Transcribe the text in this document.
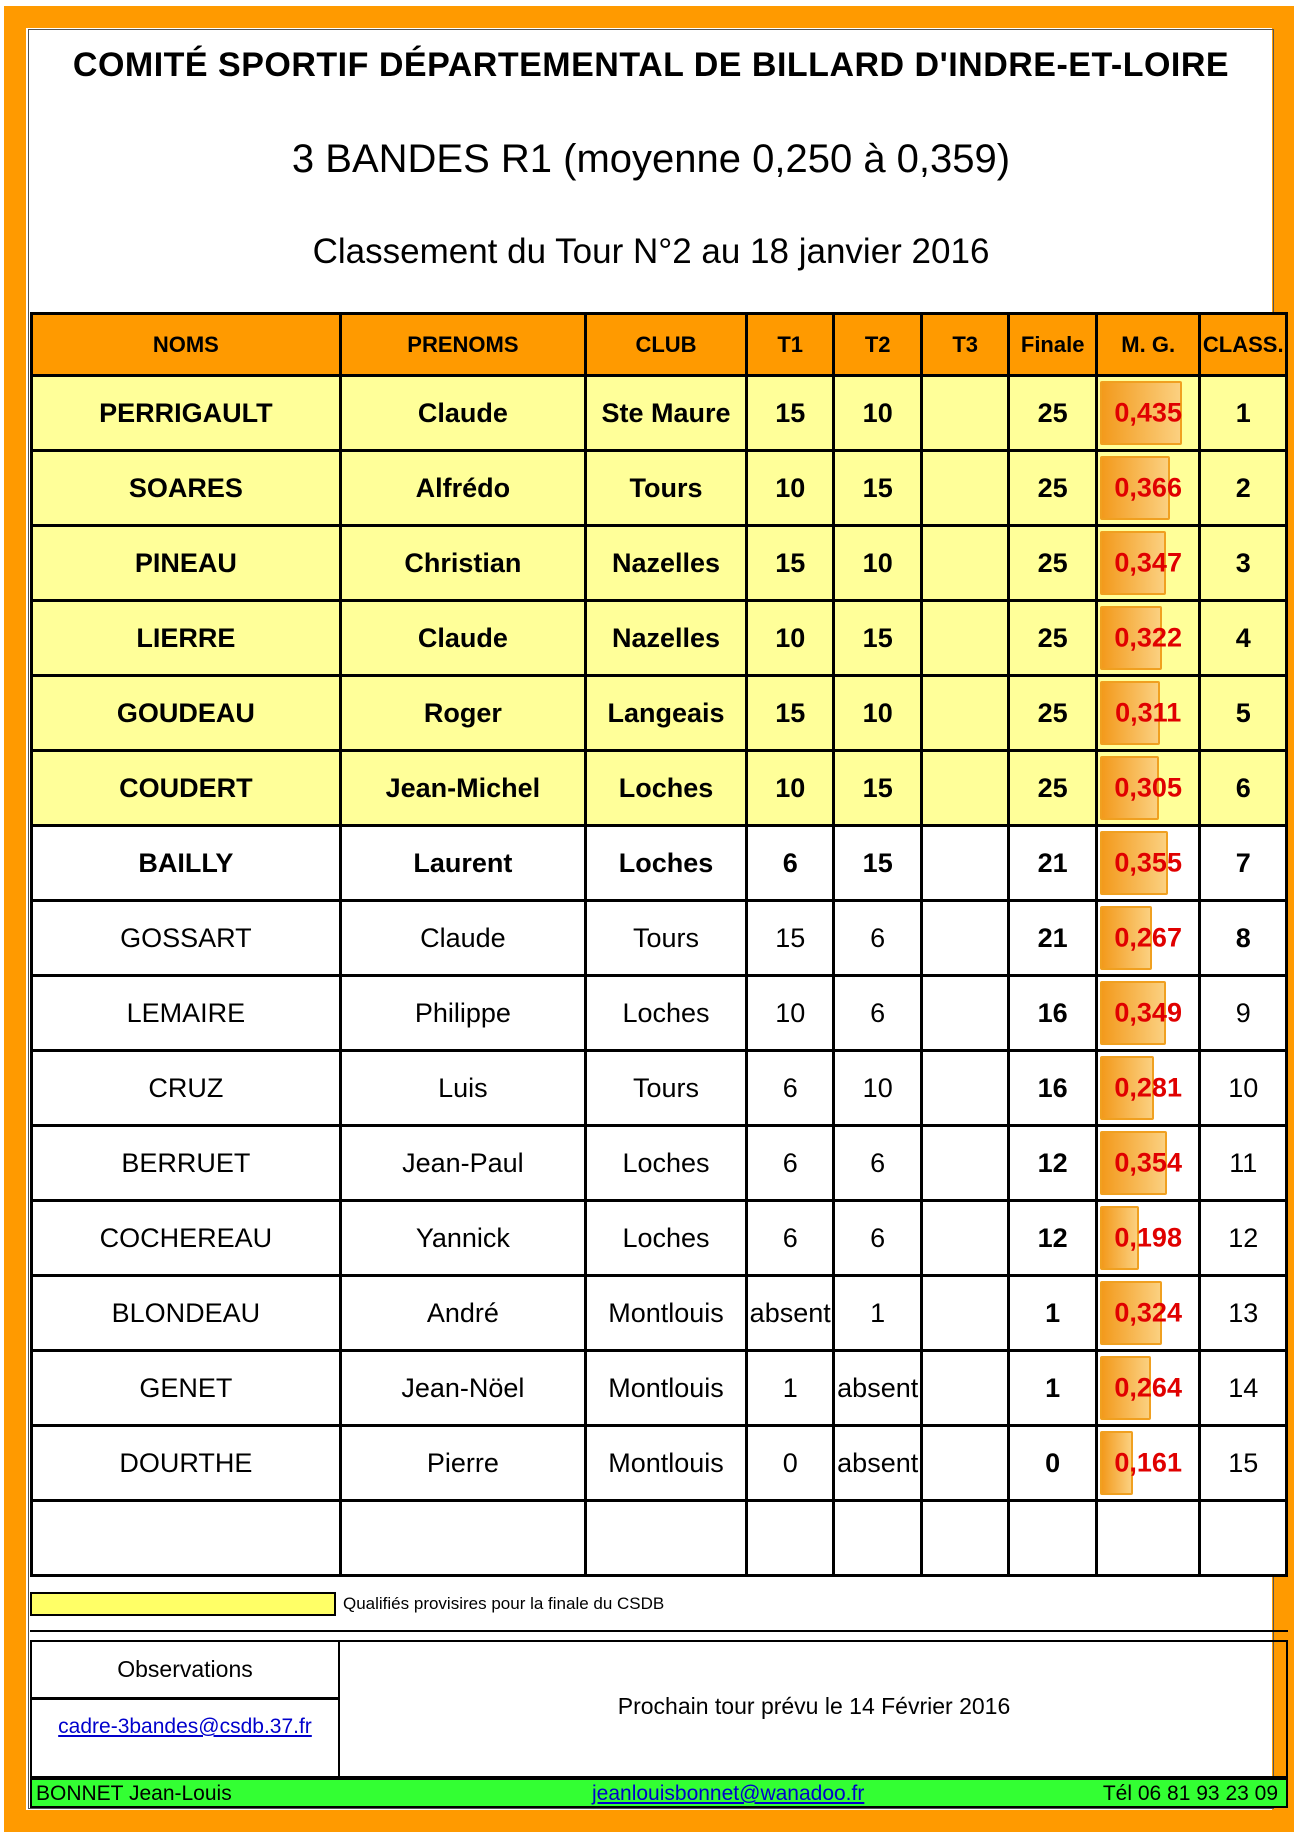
COMITÉ SPORTIF DÉPARTEMENTAL DE BILLARD D'INDRE-ET-LOIRE
3 BANDES R1 (moyenne 0,250 à 0,359)
Classement du Tour N°2 au 18 janvier 2016
NOMS	PRENOMS	CLUB	T1	T2	T3	Finale	M. G.	CLASS.
PERRIGAULT	Claude	Ste Maure	15	10		25	0,435	1
SOARES	Alfrédo	Tours	10	15		25	0,366	2
PINEAU	Christian	Nazelles	15	10		25	0,347	3
LIERRE	Claude	Nazelles	10	15		25	0,322	4
GOUDEAU	Roger	Langeais	15	10		25	0,311	5
COUDERT	Jean-Michel	Loches	10	15		25	0,305	6
BAILLY	Laurent	Loches	6	15		21	0,355	7
GOSSART	Claude	Tours	15	6		21	0,267	8
LEMAIRE	Philippe	Loches	10	6		16	0,349	9
CRUZ	Luis	Tours	6	10		16	0,281	10
BERRUET	Jean-Paul	Loches	6	6		12	0,354	11
COCHEREAU	Yannick	Loches	6	6		12	0,198	12
BLONDEAU	André	Montlouis	absent	1		1	0,324	13
GENET	Jean-Nöel	Montlouis	1	absent		1	0,264	14
DOURTHE	Pierre	Montlouis	0	absent		0	0,161	15

Qualifiés provisires pour la finale du CSDB
Observations
cadre-3bandes@csdb.37.fr
Prochain tour prévu le 14 Février 2016
BONNET Jean-Louis	jeanlouisbonnet@wanadoo.fr	Tél 06 81 93 23 09
